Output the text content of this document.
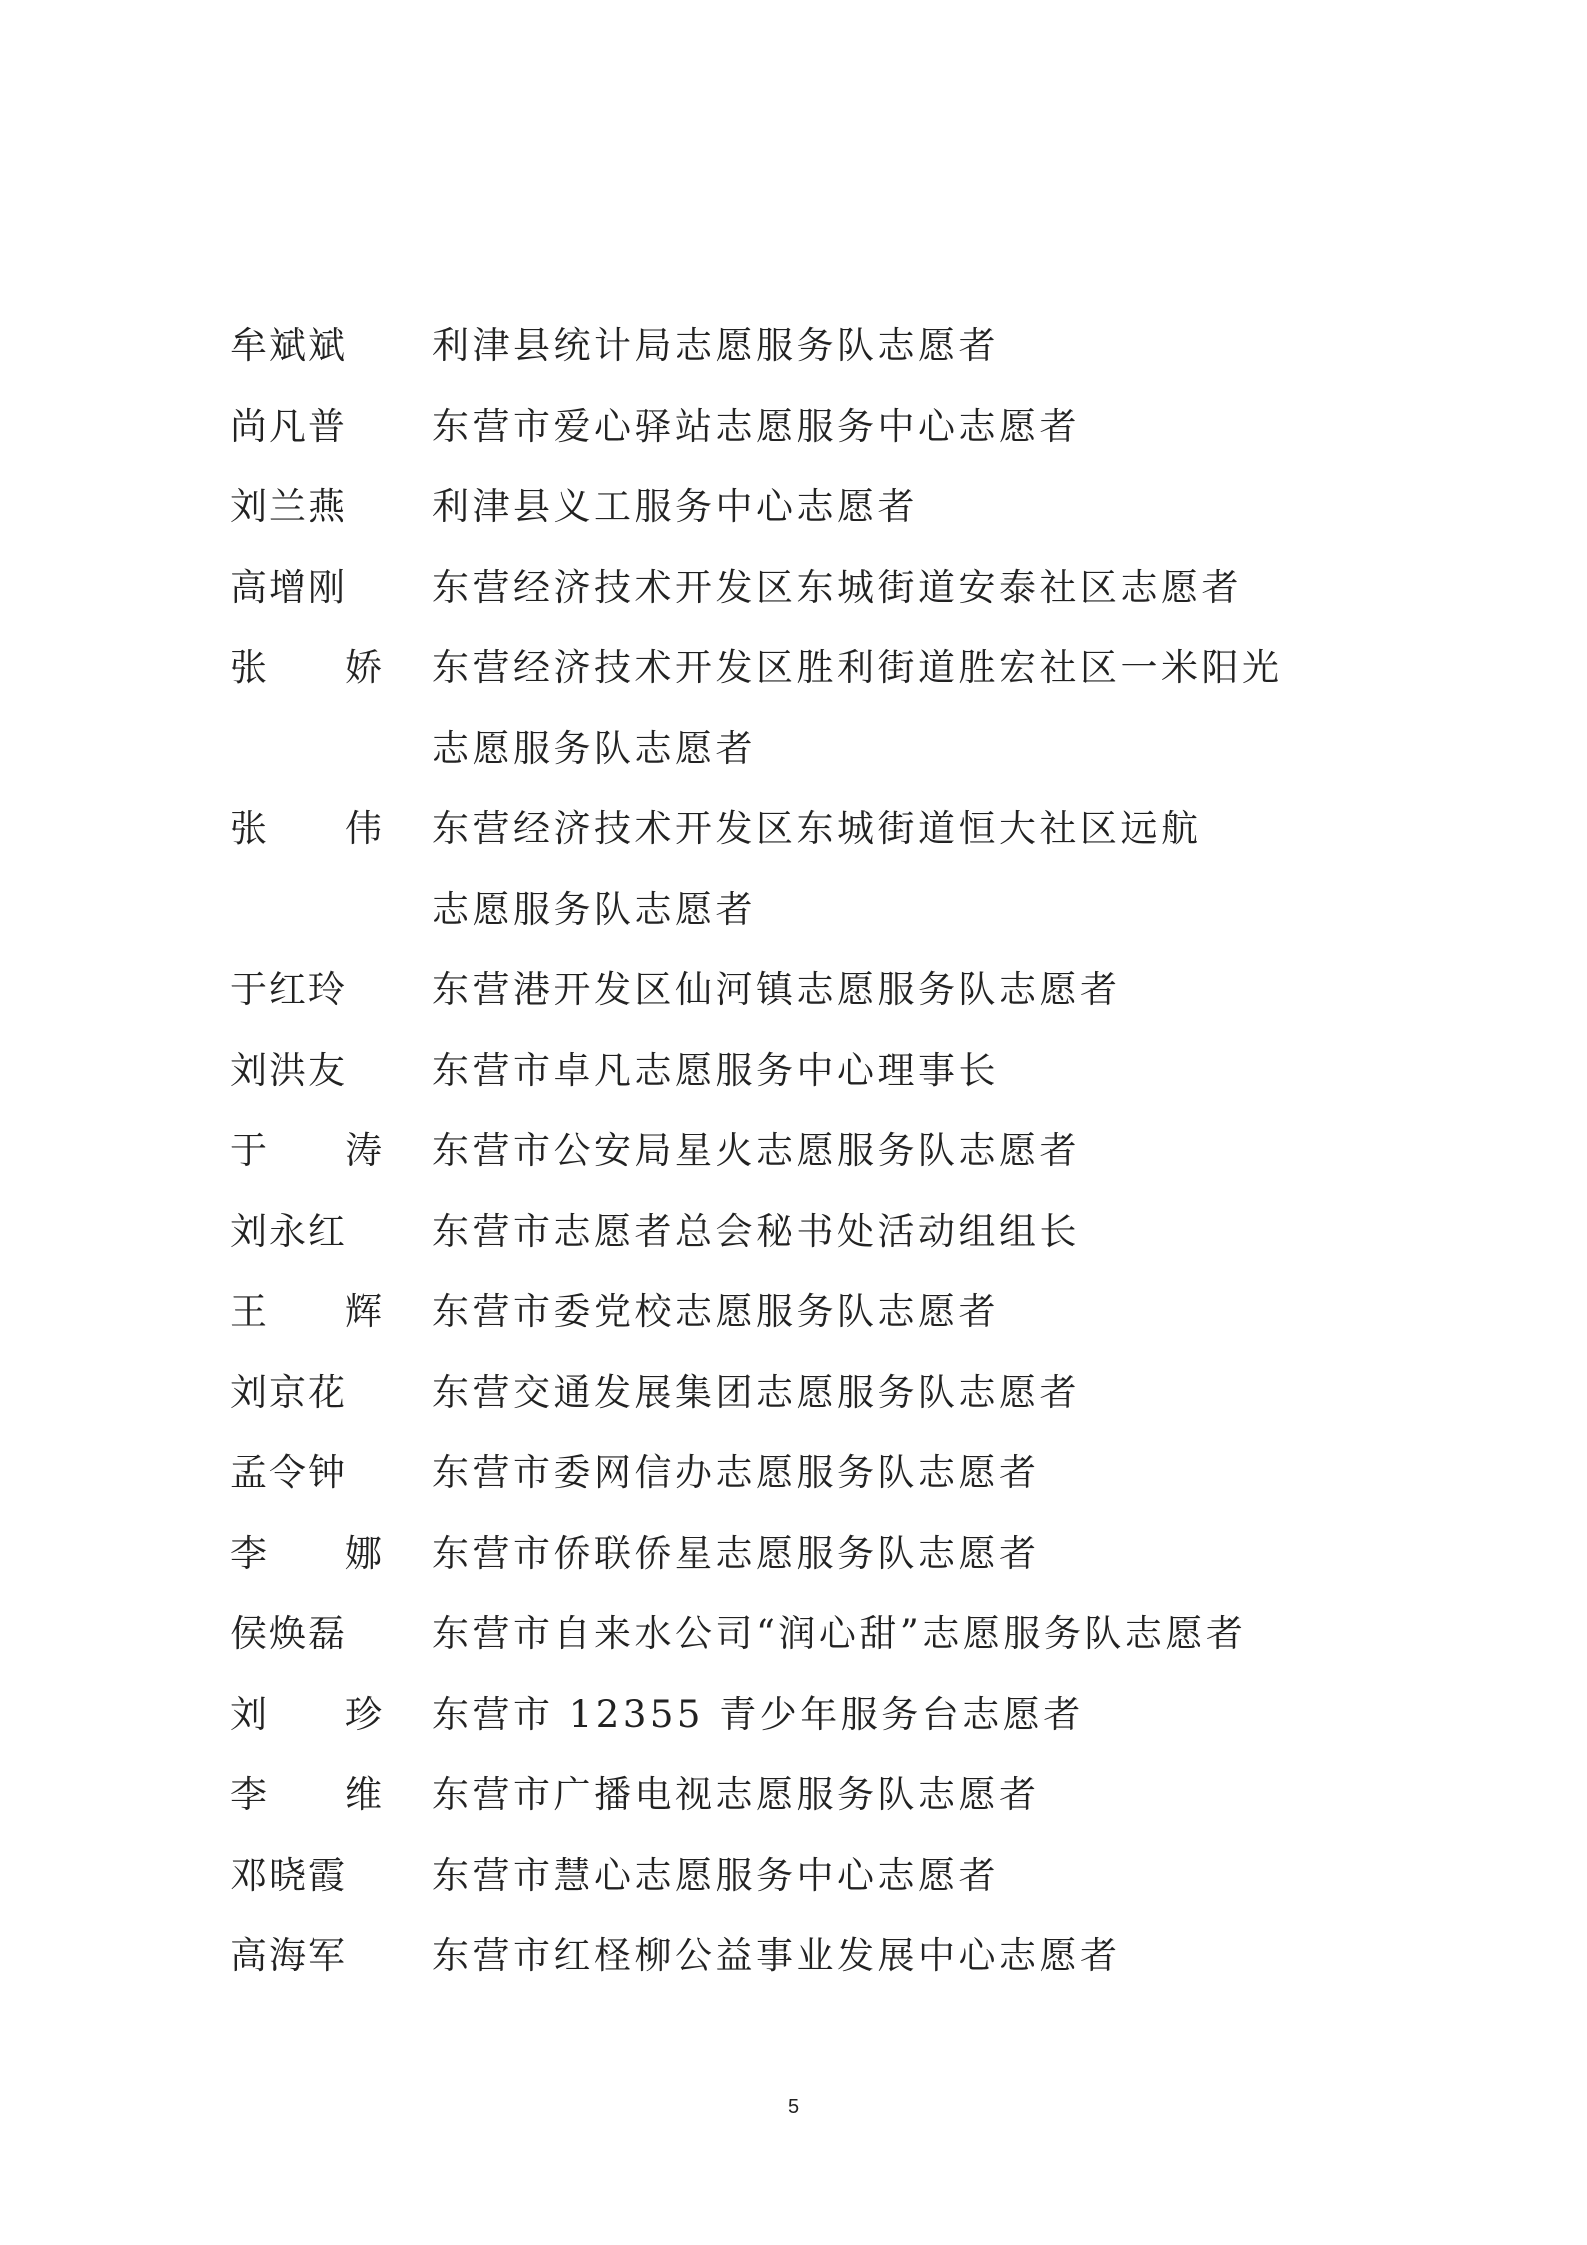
牟斌斌 利津县统计局志愿服务队志愿者
尚凡普 东营市爱心驿站志愿服务中心志愿者
刘兰燕 利津县义工服务中心志愿者
高增刚 东营经济技术开发区东城街道安泰社区志愿者
张 娇 东营经济技术开发区胜利街道胜宏社区一米阳光
志愿服务队志愿者
张 伟 东营经济技术开发区东城街道恒大社区远航
志愿服务队志愿者
于红玲 东营港开发区仙河镇志愿服务队志愿者
刘洪友 东营市卓凡志愿服务中心理事长
于 涛 东营市公安局星火志愿服务队志愿者
刘永红 东营市志愿者总会秘书处活动组组长
王 辉 东营市委党校志愿服务队志愿者
刘京花 东营交通发展集团志愿服务队志愿者
孟令钟 东营市委网信办志愿服务队志愿者
李 娜 东营市侨联侨星志愿服务队志愿者
侯焕磊 东营市自来水公司“润心甜”志愿服务队志愿者
刘 珍 东营市 12355 青少年服务台志愿者
李 维 东营市广播电视志愿服务队志愿者
邓晓霞 东营市慧心志愿服务中心志愿者
高海军 东营市红柽柳公益事业发展中心志愿者
5
